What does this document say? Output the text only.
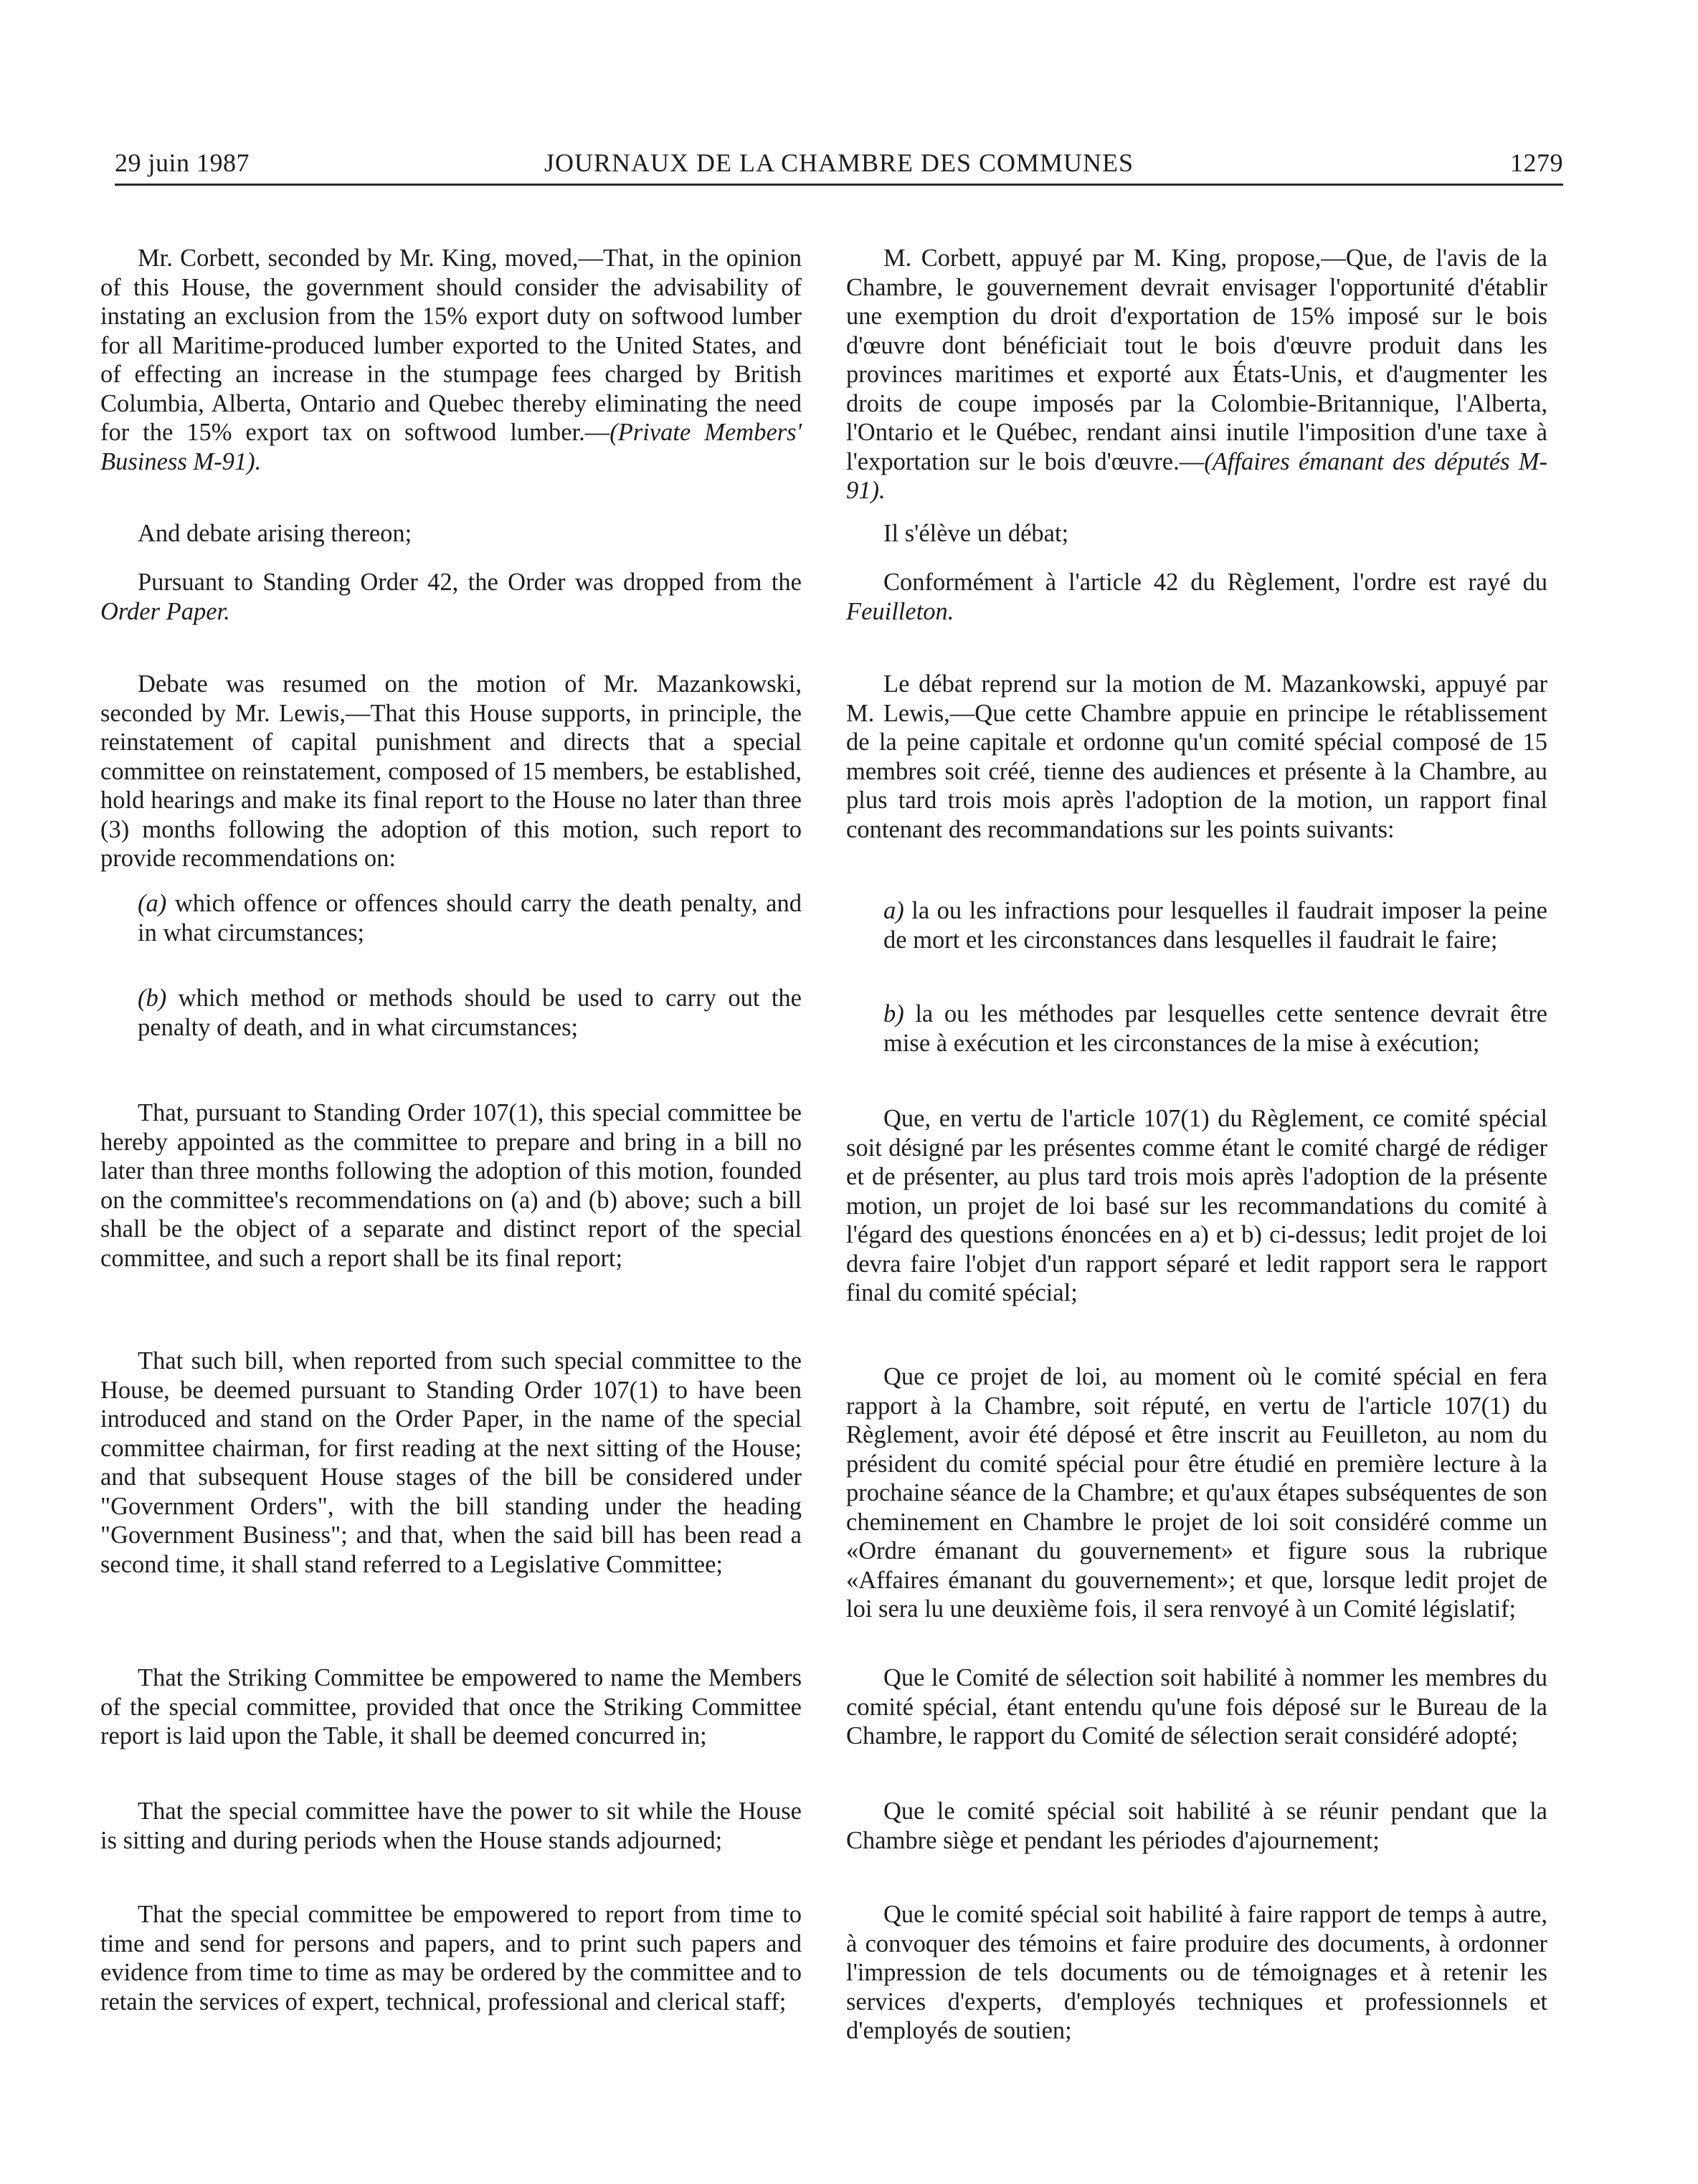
29 juin 1987	JOURNAUX DE LA CHAMBRE DES COMMUNES	1279

Mr. Corbett, seconded by Mr. King, moved,—That, in the opinion of this House, the government should consider the advisability of instating an exclusion from the 15% export duty on softwood lumber for all Maritime-produced lumber exported to the United States, and of effecting an increase in the stumpage fees charged by British Columbia, Alberta, Ontario and Quebec thereby eliminating the need for the 15% export tax on softwood lumber.—(Private Members' Business M-91).

And debate arising thereon;

Pursuant to Standing Order 42, the Order was dropped from the Order Paper.

Debate was resumed on the motion of Mr. Mazankowski, seconded by Mr. Lewis,—That this House supports, in principle, the reinstatement of capital punishment and directs that a special committee on reinstatement, composed of 15 members, be established, hold hearings and make its final report to the House no later than three (3) months following the adoption of this motion, such report to provide recommendations on:

(a) which offence or offences should carry the death penalty, and in what circumstances;

(b) which method or methods should be used to carry out the penalty of death, and in what circumstances;

That, pursuant to Standing Order 107(1), this special committee be hereby appointed as the committee to prepare and bring in a bill no later than three months following the adoption of this motion, founded on the committee's recommendations on (a) and (b) above; such a bill shall be the object of a separate and distinct report of the special committee, and such a report shall be its final report;

That such bill, when reported from such special committee to the House, be deemed pursuant to Standing Order 107(1) to have been introduced and stand on the Order Paper, in the name of the special committee chairman, for first reading at the next sitting of the House; and that subsequent House stages of the bill be considered under "Government Orders", with the bill standing under the heading "Government Business"; and that, when the said bill has been read a second time, it shall stand referred to a Legislative Committee;

That the Striking Committee be empowered to name the Members of the special committee, provided that once the Striking Committee report is laid upon the Table, it shall be deemed concurred in;

That the special committee have the power to sit while the House is sitting and during periods when the House stands adjourned;

That the special committee be empowered to report from time to time and send for persons and papers, and to print such papers and evidence from time to time as may be ordered by the committee and to retain the services of expert, technical, professional and clerical staff;

M. Corbett, appuyé par M. King, propose,—Que, de l'avis de la Chambre, le gouvernement devrait envisager l'opportunité d'établir une exemption du droit d'exportation de 15% imposé sur le bois d'œuvre dont bénéficiait tout le bois d'œuvre produit dans les provinces maritimes et exporté aux États-Unis, et d'augmenter les droits de coupe imposés par la Colombie-Britannique, l'Alberta, l'Ontario et le Québec, rendant ainsi inutile l'imposition d'une taxe à l'exportation sur le bois d'œuvre.—(Affaires émanant des députés M-91).

Il s'élève un débat;

Conformément à l'article 42 du Règlement, l'ordre est rayé du Feuilleton.

Le débat reprend sur la motion de M. Mazankowski, appuyé par M. Lewis,—Que cette Chambre appuie en principe le rétablissement de la peine capitale et ordonne qu'un comité spécial composé de 15 membres soit créé, tienne des audiences et présente à la Chambre, au plus tard trois mois après l'adoption de la motion, un rapport final contenant des recommandations sur les points suivants:

a) la ou les infractions pour lesquelles il faudrait imposer la peine de mort et les circonstances dans lesquelles il faudrait le faire;

b) la ou les méthodes par lesquelles cette sentence devrait être mise à exécution et les circonstances de la mise à exécution;

Que, en vertu de l'article 107(1) du Règlement, ce comité spécial soit désigné par les présentes comme étant le comité chargé de rédiger et de présenter, au plus tard trois mois après l'adoption de la présente motion, un projet de loi basé sur les recommandations du comité à l'égard des questions énoncées en a) et b) ci-dessus; ledit projet de loi devra faire l'objet d'un rapport séparé et ledit rapport sera le rapport final du comité spécial;

Que ce projet de loi, au moment où le comité spécial en fera rapport à la Chambre, soit réputé, en vertu de l'article 107(1) du Règlement, avoir été déposé et être inscrit au Feuilleton, au nom du président du comité spécial pour être étudié en première lecture à la prochaine séance de la Chambre; et qu'aux étapes subséquentes de son cheminement en Chambre le projet de loi soit considéré comme un «Ordre émanant du gouvernement» et figure sous la rubrique «Affaires émanant du gouvernement»; et que, lorsque ledit projet de loi sera lu une deuxième fois, il sera renvoyé à un Comité législatif;

Que le Comité de sélection soit habilité à nommer les membres du comité spécial, étant entendu qu'une fois déposé sur le Bureau de la Chambre, le rapport du Comité de sélection serait considéré adopté;

Que le comité spécial soit habilité à se réunir pendant que la Chambre siège et pendant les périodes d'ajournement;

Que le comité spécial soit habilité à faire rapport de temps à autre, à convoquer des témoins et faire produire des documents, à ordonner l'impression de tels documents ou de témoignages et à retenir les services d'experts, d'employés techniques et professionnels et d'employés de soutien;
